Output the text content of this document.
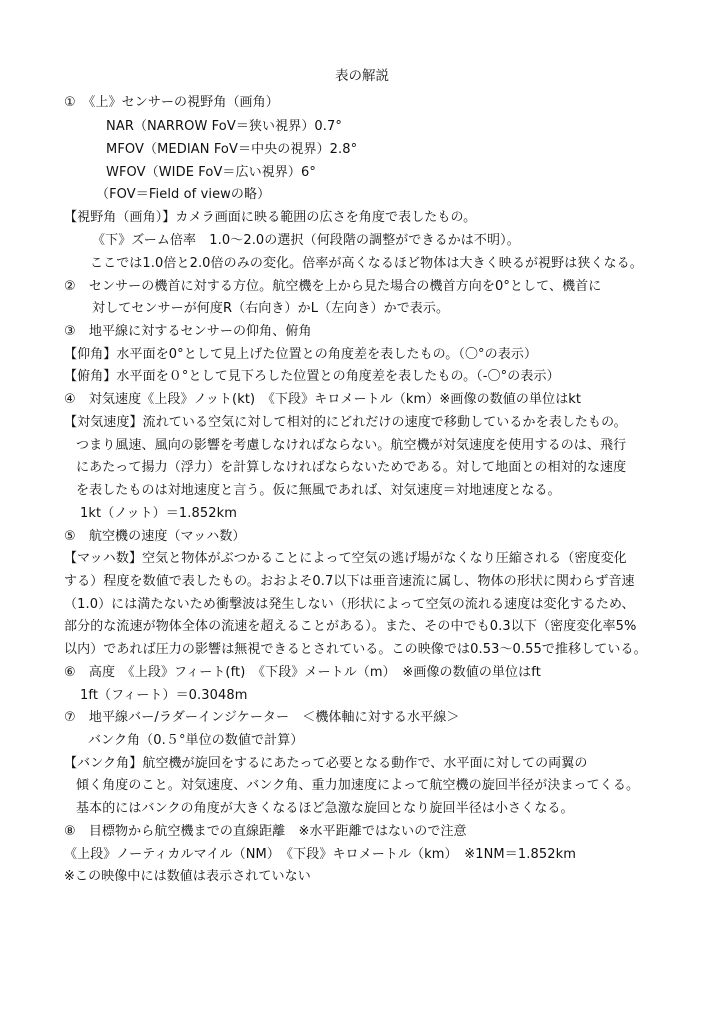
表の解説
①　《上》センサーの視野角（画角）
NAR（NARROW FoV＝狭い視界）0.7°
MFOV（MEDIAN FoV＝中央の視界）2.8°
WFOV（WIDE FoV＝広い視界）6°
（FOV＝Field of viewの略）
【視野角（画角）】カメラ画面に映る範囲の広さを角度で表したもの。
《下》ズーム倍率　1.0〜2.0の選択（何段階の調整ができるかは不明）。
ここでは1.0倍と2.0倍のみの変化。倍率が高くなるほど物体は大きく映るが視野は狭くなる。
②　センサーの機首に対する方位。航空機を上から見た場合の機首方向を0°として、機首に
対してセンサーが何度R（右向き）かL（左向き）かで表示。
③　地平線に対するセンサーの仰角、俯角
【仰角】水平面を0°として見上げた位置との角度差を表したもの。（〇°の表示）
【俯角】水平面を０°として見下ろした位置との角度差を表したもの。（-〇°の表示）
④　対気速度《上段》ノット(kt)　《下段》キロメートル（km）※画像の数値の単位はkt
【対気速度】流れている空気に対して相対的にどれだけの速度で移動しているかを表したもの。
つまり風速、風向の影響を考慮しなければならない。航空機が対気速度を使用するのは、飛行
にあたって揚力（浮力）を計算しなければならないためである。対して地面との相対的な速度
を表したものは対地速度と言う。仮に無風であれば、対気速度＝対地速度となる。
1kt（ノット）＝1.852km
⑤　航空機の速度（マッハ数）
【マッハ数】空気と物体がぶつかることによって空気の逃げ場がなくなり圧縮される（密度変化
する）程度を数値で表したもの。おおよそ0.7以下は亜音速流に属し、物体の形状に関わらず音速
（1.0）には満たないため衝撃波は発生しない（形状によって空気の流れる速度は変化するため、
部分的な流速が物体全体の流速を超えることがある）。また、その中でも0.3以下（密度変化率5%
以内）であれば圧力の影響は無視できるとされている。この映像では0.53〜0.55で推移している。
⑥　高度　《上段》フィート(ft)　《下段》メートル（m）　※画像の数値の単位はft
1ft（フィート）＝0.3048m
⑦　地平線バー/ラダーインジケーター　＜機体軸に対する水平線＞
バンク角（0.５°単位の数値で計算）
【バンク角】航空機が旋回をするにあたって必要となる動作で、水平面に対しての両翼の
傾く角度のこと。対気速度、バンク角、重力加速度によって航空機の旋回半径が決まってくる。
基本的にはバンクの角度が大きくなるほど急激な旋回となり旋回半径は小さくなる。
⑧　目標物から航空機までの直線距離　※水平距離ではないので注意
《上段》ノーティカルマイル（NM）　《下段》キロメートル（km）　※1NM＝1.852km
※この映像中には数値は表示されていない
